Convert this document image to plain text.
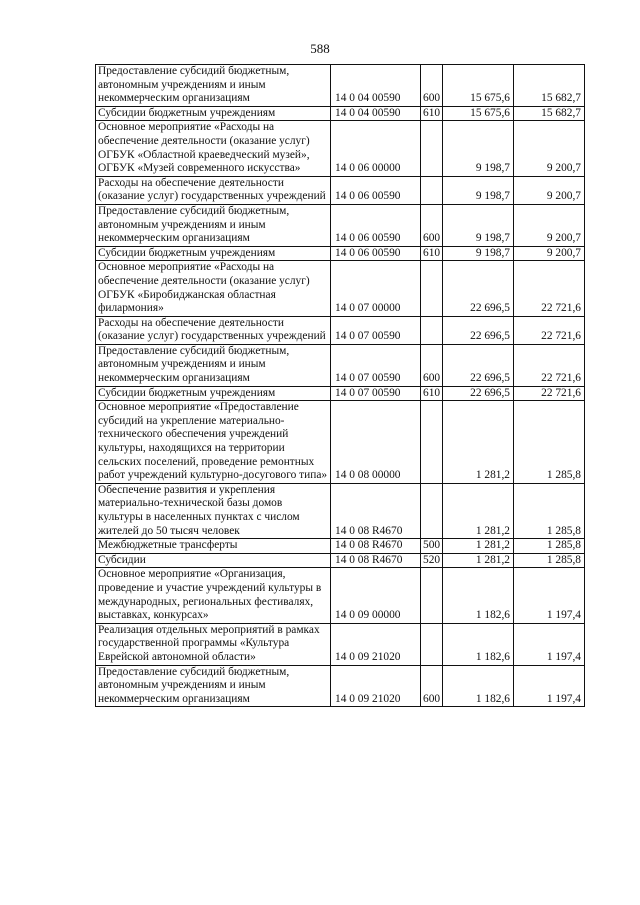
588
Предоставление субсидий бюджетным, автономным учреждениям и иным некоммерческим организациям	14 0 04 00590	600	15 675,6	15 682,7
Субсидии бюджетным учреждениям	14 0 04 00590	610	15 675,6	15 682,7
Основное мероприятие «Расходы на обеспечение деятельности (оказание услуг) ОГБУК «Областной краеведческий музей», ОГБУК «Музей современного искусства»	14 0 06 00000		9 198,7	9 200,7
Расходы на обеспечение деятельности (оказание услуг) государственных учреждений	14 0 06 00590		9 198,7	9 200,7
Предоставление субсидий бюджетным, автономным учреждениям и иным некоммерческим организациям	14 0 06 00590	600	9 198,7	9 200,7
Субсидии бюджетным учреждениям	14 0 06 00590	610	9 198,7	9 200,7
Основное мероприятие «Расходы на обеспечение деятельности (оказание услуг) ОГБУК «Биробиджанская областная филармония»	14 0 07 00000		22 696,5	22 721,6
Расходы на обеспечение деятельности (оказание услуг) государственных учреждений	14 0 07 00590		22 696,5	22 721,6
Предоставление субсидий бюджетным, автономным учреждениям и иным некоммерческим организациям	14 0 07 00590	600	22 696,5	22 721,6
Субсидии бюджетным учреждениям	14 0 07 00590	610	22 696,5	22 721,6
Основное мероприятие «Предоставление субсидий на укрепление материально-технического обеспечения учреждений культуры, находящихся на территории сельских поселений, проведение ремонтных работ учреждений культурно-досугового типа»	14 0 08 00000		1 281,2	1 285,8
Обеспечение развития и укрепления материально-технической базы домов культуры в населенных пунктах с числом жителей до 50 тысяч человек	14 0 08 R4670		1 281,2	1 285,8
Межбюджетные трансферты	14 0 08 R4670	500	1 281,2	1 285,8
Субсидии	14 0 08 R4670	520	1 281,2	1 285,8
Основное мероприятие «Организация, проведение и участие учреждений культуры в международных, региональных фестивалях, выставках, конкурсах»	14 0 09 00000		1 182,6	1 197,4
Реализация отдельных мероприятий в рамках государственной программы «Культура Еврейской автономной области»	14 0 09 21020		1 182,6	1 197,4
Предоставление субсидий бюджетным, автономным учреждениям и иным некоммерческим организациям	14 0 09 21020	600	1 182,6	1 197,4
